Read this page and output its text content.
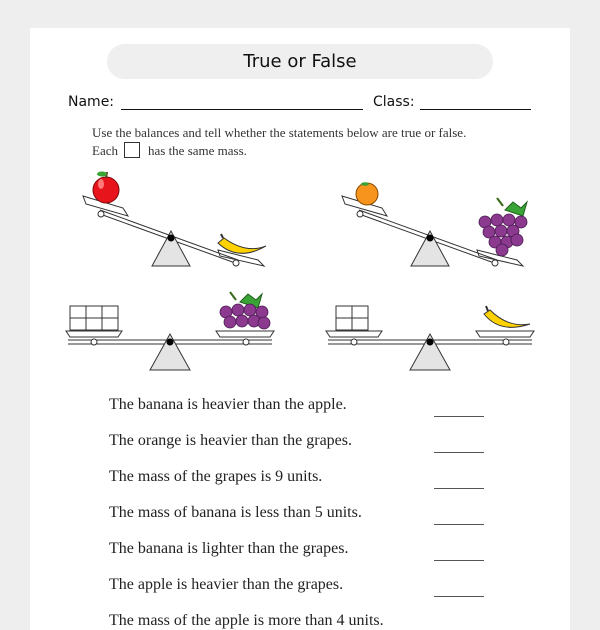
True or False
Name:	Class:
Use the balances and tell whether the statements below are true or false.
Each has the same mass.
The banana is heavier than the apple.
The orange is heavier than the grapes.
The mass of the grapes is 9 units.
The mass of banana is less than 5 units.
The banana is lighter than the grapes.
The apple is heavier than the grapes.
The mass of the apple is more than 4 units.
